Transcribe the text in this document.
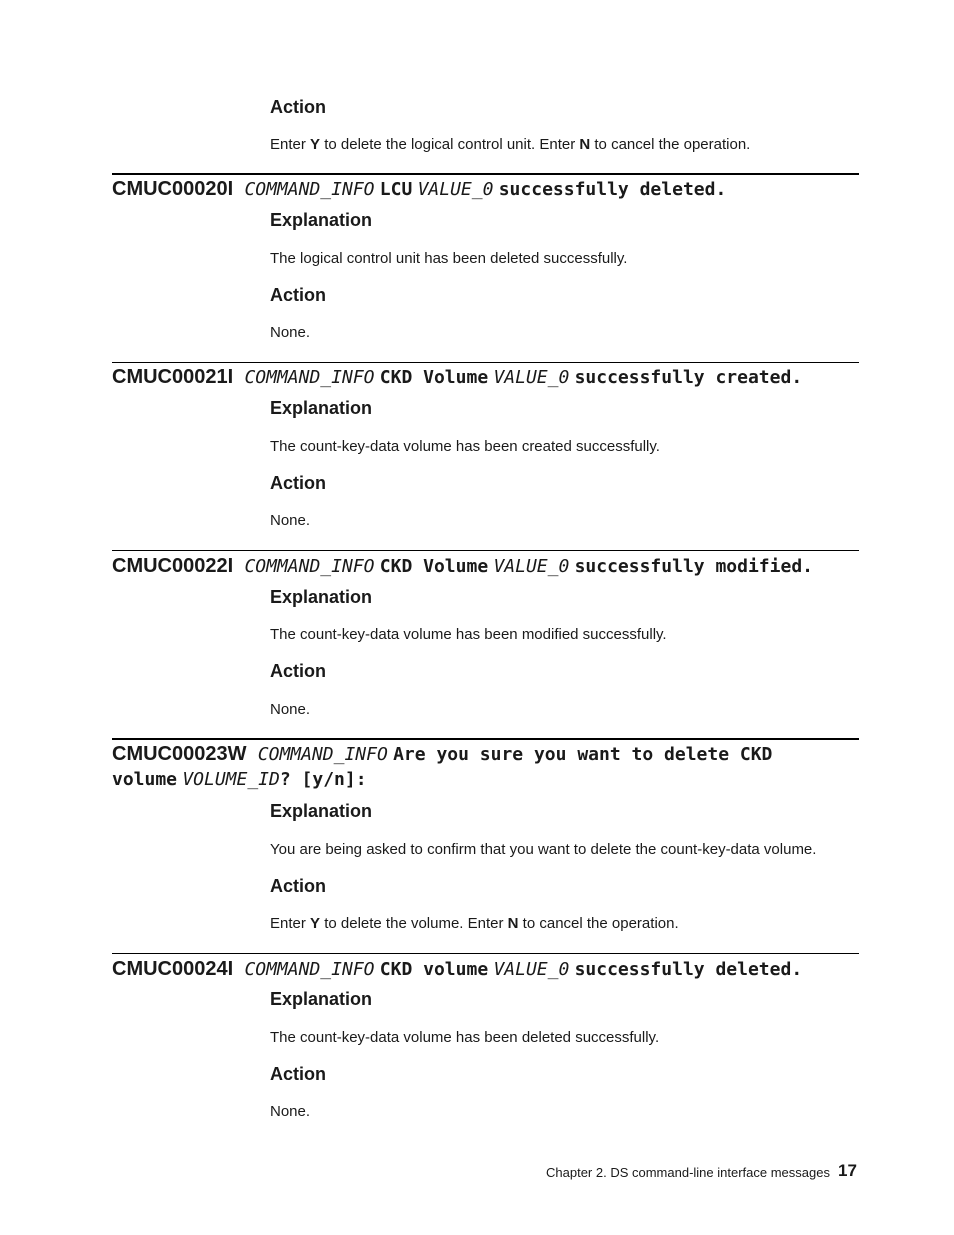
Action
Enter Y to delete the logical control unit. Enter N to cancel the operation.
CMUC00020I COMMAND_INFO LCU VALUE_0 successfully deleted.
Explanation
The logical control unit has been deleted successfully.
Action
None.
CMUC00021I COMMAND_INFO CKD Volume VALUE_0 successfully created.
Explanation
The count-key-data volume has been created successfully.
Action
None.
CMUC00022I COMMAND_INFO CKD Volume VALUE_0 successfully modified.
Explanation
The count-key-data volume has been modified successfully.
Action
None.
CMUC00023W COMMAND_INFO Are you sure you want to delete CKD
volume VOLUME_ID? [y/n]:
Explanation
You are being asked to confirm that you want to delete the count-key-data volume.
Action
Enter Y to delete the volume. Enter N to cancel the operation.
CMUC00024I COMMAND_INFO CKD volume VALUE_0 successfully deleted.
Explanation
The count-key-data volume has been deleted successfully.
Action
None.
Chapter 2. DS command-line interface messages 17
